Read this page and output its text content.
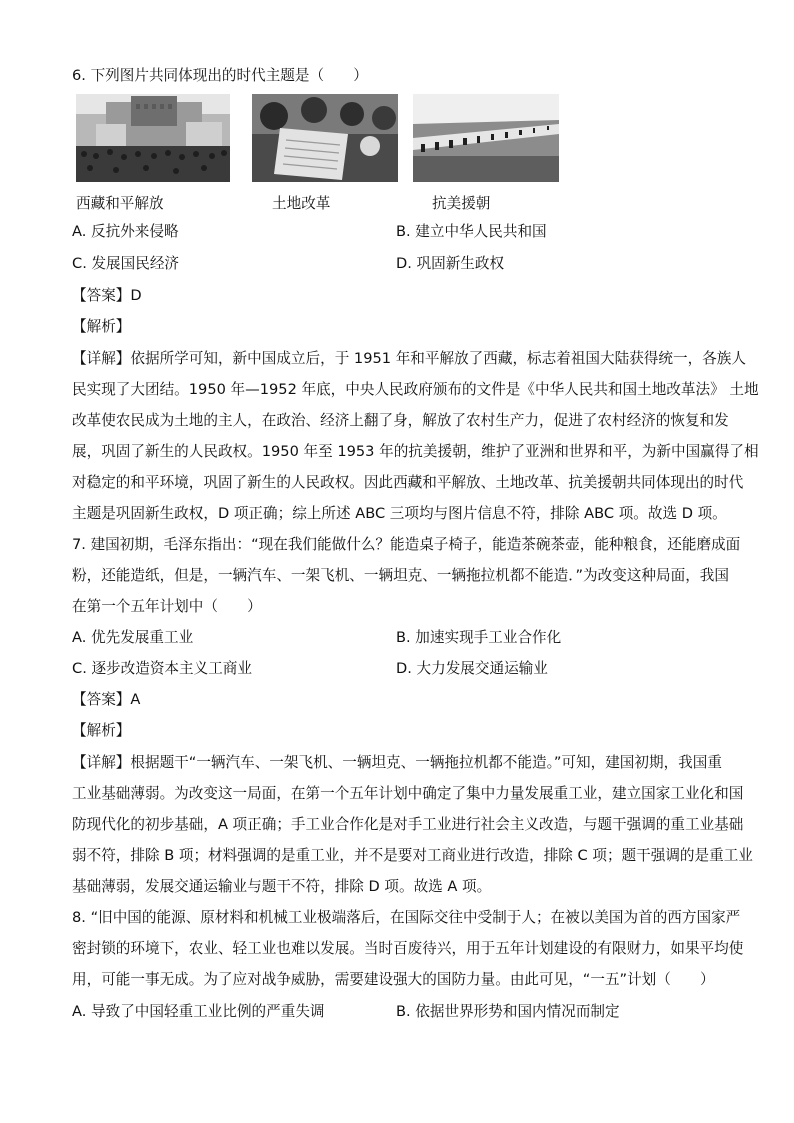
6. 下列图片共同体现出的时代主题是（　　）
西藏和平解放	土地改革	抗美援朝
A. 反抗外来侵略	B. 建立中华人民共和国
C. 发展国民经济	D. 巩固新生政权
【答案】D
【解析】
【详解】依据所学可知，新中国成立后，于 1951 年和平解放了西藏，标志着祖国大陆获得统一，各族人
民实现了大团结。1950 年—1952 年底，中央人民政府颁布的文件是《中华人民共和国土地改革法》 土地
改革使农民成为土地的主人，在政治、经济上翻了身，解放了农村生产力，促进了农村经济的恢复和发
展，巩固了新生的人民政权。1950 年至 1953 年的抗美援朝，维护了亚洲和世界和平，为新中国赢得了相
对稳定的和平环境，巩固了新生的人民政权。因此西藏和平解放、土地改革、抗美援朝共同体现出的时代
主题是巩固新生政权，D 项正确；综上所述 ABC 三项均与图片信息不符，排除 ABC 项。故选 D 项。
7. 建国初期，毛泽东指出：“现在我们能做什么？能造桌子椅子，能造茶碗茶壶，能种粮食，还能磨成面
粉，还能造纸，但是，一辆汽车、一架飞机、一辆坦克、一辆拖拉机都不能造．”为改变这种局面，我国
在第一个五年计划中（　　）
A. 优先发展重工业	B. 加速实现手工业合作化
C. 逐步改造资本主义工商业	D. 大力发展交通运输业
【答案】A
【解析】
【详解】根据题干“一辆汽车、一架飞机、一辆坦克、一辆拖拉机都不能造。”可知，建国初期，我国重
工业基础薄弱。为改变这一局面，在第一个五年计划中确定了集中力量发展重工业，建立国家工业化和国
防现代化的初步基础，A 项正确；手工业合作化是对手工业进行社会主义改造，与题干强调的重工业基础
弱不符，排除 B 项；材料强调的是重工业，并不是要对工商业进行改造，排除 C 项；题干强调的是重工业
基础薄弱，发展交通运输业与题干不符，排除 D 项。故选 A 项。
8. “旧中国的能源、原材料和机械工业极端落后，在国际交往中受制于人；在被以美国为首的西方国家严
密封锁的环境下，农业、轻工业也难以发展。当时百废待兴，用于五年计划建设的有限财力，如果平均使
用，可能一事无成。为了应对战争威胁，需要建设强大的国防力量。由此可见，“一五”计划（　　）
A. 导致了中国轻重工业比例的严重失调	B. 依据世界形势和国内情况而制定
